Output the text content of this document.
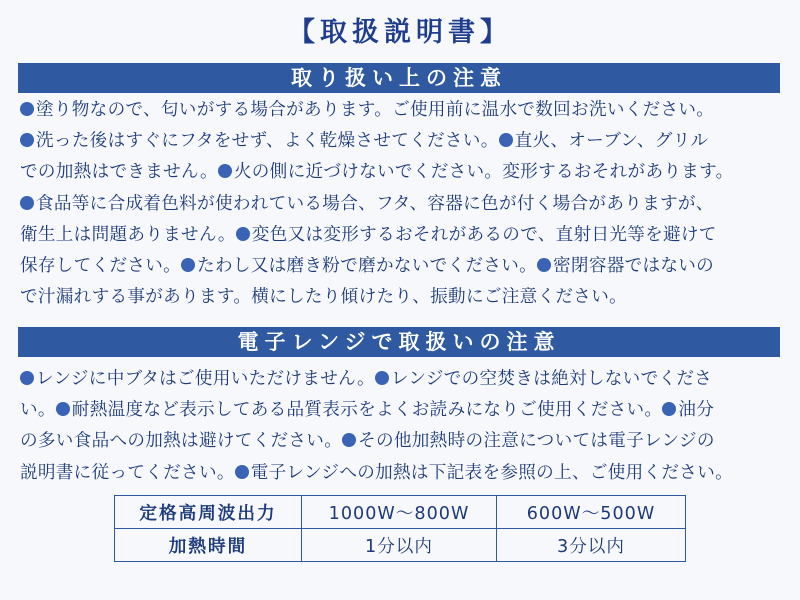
【取扱説明書】
取り扱い上の注意
塗り物なので、匂いがする場合があります。ご使用前に温水で数回お洗いください。
洗った後はすぐにフタをせず、よく乾燥させてください。 直火、オーブン、グリル
での加熱はできません。 火の側に近づけないでください。変形するおそれがあります。
食品等に合成着色料が使われている場合、フタ、容器に色が付く場合がありますが、
衛生上は問題ありません。 変色又は変形するおそれがあるので、直射日光等を避けて
保存してください。 たわし又は磨き粉で磨かないでください。 密閉容器ではないの
で汁漏れする事があります。横にしたり傾けたり、振動にご注意ください。
電子レンジで取扱いの注意
レンジに中ブタはご使用いただけません。 レンジでの空焚きは絶対しないでくださ
い。 耐熱温度など表示してある品質表示をよくお読みになりご使用ください。 油分
の多い食品への加熱は避けてください。 その他加熱時の注意については電子レンジの
説明書に従ってください。 電子レンジへの加熱は下記表を参照の上、ご使用ください。
定格高周波出力	1000W～800W	600W～500W
加熱時間	1分以内	3分以内
